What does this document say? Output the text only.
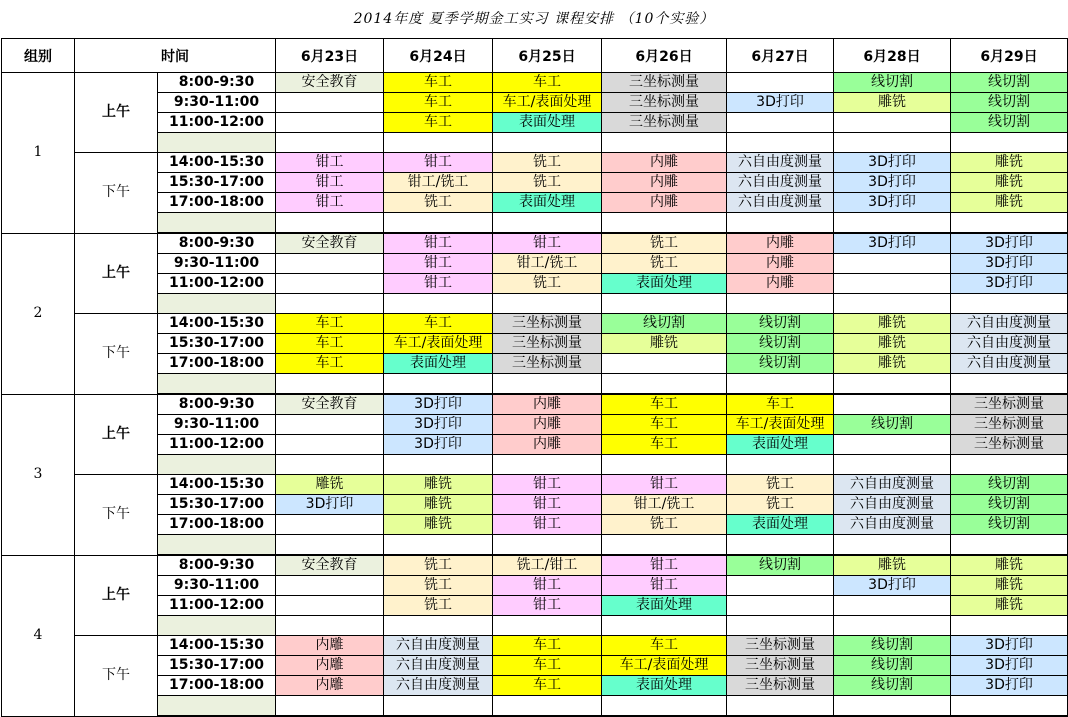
2014年度 夏季学期金工实习 课程安排 （10个实验）
组别	时间		6月23日	6月24日	6月25日	6月26日	6月27日	6月28日	6月29日
1	上午	8:00-9:30	安全教育	车工	车工	三坐标测量		线切割	线切割
		9:30-11:00		车工	车工/表面处理	三坐标测量	3D打印	雕铣	线切割
		11:00-12:00		车工	表面处理	三坐标测量			线切割

	下午	14:00-15:30	钳工	钳工	铣工	内雕	六自由度测量	3D打印	雕铣
		15:30-17:00	钳工	钳工/铣工	铣工	内雕	六自由度测量	3D打印	雕铣
		17:00-18:00	钳工	铣工	表面处理	内雕	六自由度测量	3D打印	雕铣

2	上午	8:00-9:30	安全教育	钳工	钳工	铣工	内雕	3D打印	3D打印
		9:30-11:00		钳工	钳工/铣工	铣工	内雕		3D打印
		11:00-12:00		钳工	铣工	表面处理	内雕		3D打印

	下午	14:00-15:30	车工	车工	三坐标测量	线切割	线切割	雕铣	六自由度测量
		15:30-17:00	车工	车工/表面处理	三坐标测量	雕铣	线切割	雕铣	六自由度测量
		17:00-18:00	车工	表面处理	三坐标测量		线切割	雕铣	六自由度测量

3	上午	8:00-9:30	安全教育	3D打印	内雕	车工	车工		三坐标测量
		9:30-11:00		3D打印	内雕	车工	车工/表面处理	线切割	三坐标测量
		11:00-12:00		3D打印	内雕	车工	表面处理		三坐标测量

	下午	14:00-15:30	雕铣	雕铣	钳工	钳工	铣工	六自由度测量	线切割
		15:30-17:00	3D打印	雕铣	钳工	钳工/铣工	铣工	六自由度测量	线切割
		17:00-18:00		雕铣	钳工	铣工	表面处理	六自由度测量	线切割

4	上午	8:00-9:30	安全教育	铣工	铣工/钳工	钳工	线切割	雕铣	雕铣
		9:30-11:00		铣工	钳工	钳工		3D打印	雕铣
		11:00-12:00		铣工	钳工	表面处理			雕铣

	下午	14:00-15:30	内雕	六自由度测量	车工	车工	三坐标测量	线切割	3D打印
		15:30-17:00	内雕	六自由度测量	车工	车工/表面处理	三坐标测量	线切割	3D打印
		17:00-18:00	内雕	六自由度测量	车工	表面处理	三坐标测量	线切割	3D打印
